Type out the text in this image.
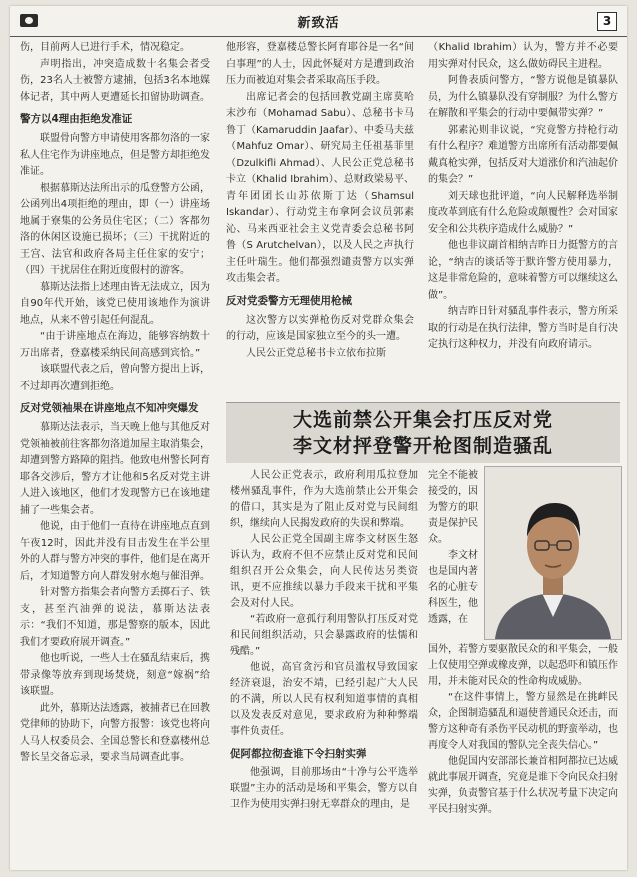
新致活	3

伤，目前两人已进行手术，情况稳定。

声明指出，冲突造成数十名集会者受伤，23名人士被警方逮捕，包括3名本地媒体记者，其中两人更遭延长扣留协助调查。

警方以4理由拒绝发准证

联盟骨向警方申请使用客都勿洛的一家私人住宅作为讲座地点，但是警方却拒绝发准证。

根据慕斯达法所出示的瓜登警方公函，公函列出4项拒绝的理由，即（一）讲座场地属于寮集的公务员住宅区；（二）客都勿洛的休闲区设施已损坏；（三）干扰附近的王宫、法官和政府各局主任住家的安宁；（四）干扰居住在附近度假村的游客。

慕斯达法指上述理由皆无法成立，因为自90年代开始，该党已使用该地作为演讲地点，从来不曾引起任何混乱。

“由于讲座地点在海边，能够容纳数十万出席者，登嘉楼采纳民间高感到宾恰。”

该联盟代表之后，曾向警方提出上诉，不过却再次遭到拒绝。

反对党领袖果在讲座地点不知冲突爆发

慕斯达法表示，当天晚上他与其他反对党领袖被前往客都勿洛道加屋主取消集会，却遭到警方路障的阻挡。他致电州警长阿育耶各交涉后，警方才让他和5名反对党主讲人进入该地区，他们才发现警方已在该地建捕了一些集会者。

他说，由于他们一直待在讲座地点直到午夜12时，因此并没有目击发生在半公里外的人群与警方冲突的事件，他们是在离开后，才知道警方向人群发射水炮与催泪弹。

针对警方指集会者向警方丢掷石子、铁支，甚至汽油弹的说法，慕斯达法表示：“我们不知道，那是警察的版本，因此我们才要政府展开调查。”

他也听说，一些人士在骚乱结束后，携带录像等放弃到现场焚烧，刻意“嫁祸”给该联盟。

此外，慕斯达法透露，被捕者已在回教党律师的协助下，向警方报警：该党也将向人马人权委员会、全国总警长和登嘉楼州总警长呈交备忘录，要求当局调查此事。

他形容，登嘉楼总警长阿育耶谷是一名“间白事理”的人士，因此怀疑对方是遭到政治压力而被迫对集会者采取高压手段。

出席记者会的包括回教党副主席莫哈末沙布（Mohamad Sabu）、总秘书卡马鲁丁（Kamaruddin Jaafar）、中委马夫兹（Mahfuz Omar）、研究局主任祖基菲里（Dzulkifli Ahmad）、人民公正党总秘书卡立（Khalid Ibrahim）、总财政梁易平、青年团团长山苏依斯丁达（Shamsul Iskandar）、行动党主布拿阿会议员郭素沁、马来西亚社会主义党青委会总秘书阿鲁（S Arutchelvan），以及人民之声执行主任叶瑞生。他们都强烈谴责警方以实弹攻击集会者。

反对党委警方无理使用枪械

这次警方以实弹枪伤反对党群众集会的行动，应该是国家独立至今的头一遭。

人民公正党总秘书卡立依布拉斯

（Khalid Ibrahim）认为，警方并不必要用实弹对付民众，这么做妨碍民主进程。

阿鲁表质问警方，“警方说他是镇暴队员，为什么镇暴队没有穿制服？为什么警方在解散和平集会的行动中要佩带实弹？”

郭素沁则非议说，“究竟警方持枪行动有什么程序？难道警方出席所有活动都要佩戴真枪实弹，包括反对大道涨价和汽油起价的集会？”

刘天球也批评道，“向人民解释选举制度改革到底有什么危险或颠覆性？会对国家安全和公共秩序造成什么威胁？”

他也非议副首相纳吉昨日力挺警方的言论，“纳吉的谈话等于默许警方使用暴力，这是非常危险的，意味着警方可以继续这么做”。

纳吉昨日针对骚乱事件表示，警方所采取的行动是在执行法律，警方当时是自行决定执行这种权力，并没有向政府请示。

大选前禁公开集会打压反对党
李文材抨登警开枪图制造骚乱

人民公正党表示，政府利用瓜拉登加楼州骚乱事件，作为大选前禁止公开集会的借口，其实是为了阻止反对党与民间组织，继续向人民揭发政府的失误和弊端。

人民公正党全国副主席李文材医生怒诉认为，政府不但不应禁止反对党和民间组织召开公众集会，向人民传达另类资讯，更不应推续以暴力手段来干扰和平集会及对付人民。

“若政府一意孤行利用警队打压反对党和民间组织活动，只会暴露政府的怯懦和残酷。”

他说，高官贪污和官员滥权导致国家经济衰退，治安不靖，已经引起广大人民的不满，所以人民有权利知道事情的真相以及发表反对意见，要求政府为种种弊端事件负责任。

促阿都拉彻查谁下令扫射实弹

他强调，目前那场由“十净与公平选举联盟”主办的活动是场和平集会，警方以自卫作为使用实弹扫射无辜群众的理由，是

完全不能被接受的，因为警方的职责是保护民众。

李文材也是国内著名的心脏专科医生，他透露，在

国外，若警方要驱散民众的和平集会，一般上仅使用空弹或橡皮弹，以起恐吓和镇压作用，并未能对民众的性命构成威胁。

“在这件事情上，警方显然是在挑衅民众，企图制造骚乱和逼使普通民众还击，而警方这种奇有杀伤平民动机的野蛮举动，也再度令人对我国的警队完全丧失信心。”

他促国内安部部长兼首相阿都拉已达威就此事展开调查，究竟是谁下令向民众扫射实弹，负责警官基于什么状况考量下决定向平民扫射实弹。
